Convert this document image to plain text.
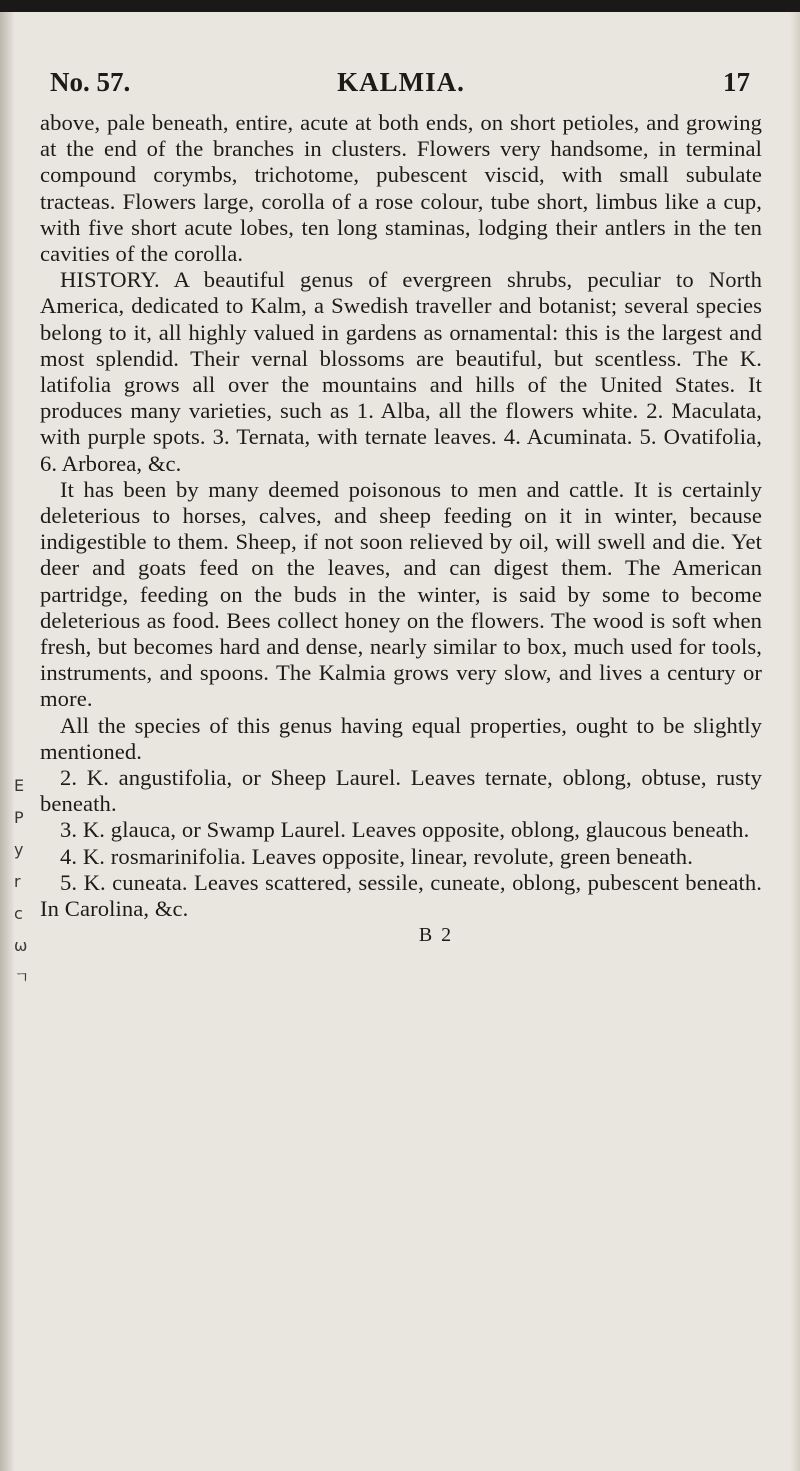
E
P
y
r
c
ω
ㄱ
No. 57.	KALMIA.	17

above, pale beneath, entire, acute at both ends, on short petioles, and growing at the end of the branches in clusters. Flowers very handsome, in terminal compound corymbs, trichotome, pubescent viscid, with small subulate tracteas. Flowers large, corolla of a rose colour, tube short, limbus like a cup, with five short acute lobes, ten long staminas, lodging their antlers in the ten cavities of the corolla.

HISTORY. A beautiful genus of evergreen shrubs, peculiar to North America, dedicated to Kalm, a Swedish traveller and botanist; several species belong to it, all highly valued in gardens as ornamental: this is the largest and most splendid. Their vernal blossoms are beautiful, but scentless. The K. latifolia grows all over the mountains and hills of the United States. It produces many varieties, such as 1. Alba, all the flowers white. 2. Maculata, with purple spots. 3. Ternata, with ternate leaves. 4. Acuminata. 5. Ovatifolia, 6. Arborea, &c.

It has been by many deemed poisonous to men and cattle. It is certainly deleterious to horses, calves, and sheep feeding on it in winter, because indigestible to them. Sheep, if not soon relieved by oil, will swell and die. Yet deer and goats feed on the leaves, and can digest them. The American partridge, feeding on the buds in the winter, is said by some to become deleterious as food. Bees collect honey on the flowers. The wood is soft when fresh, but becomes hard and dense, nearly similar to box, much used for tools, instruments, and spoons. The Kalmia grows very slow, and lives a century or more.

All the species of this genus having equal properties, ought to be slightly mentioned.

2. K. angustifolia, or Sheep Laurel. Leaves ternate, oblong, obtuse, rusty beneath.

3. K. glauca, or Swamp Laurel. Leaves opposite, oblong, glaucous beneath.

4. K. rosmarinifolia. Leaves opposite, linear, revolute, green beneath.

5. K. cuneata. Leaves scattered, sessile, cuneate, oblong, pubescent beneath. In Carolina, &c.

B 2
